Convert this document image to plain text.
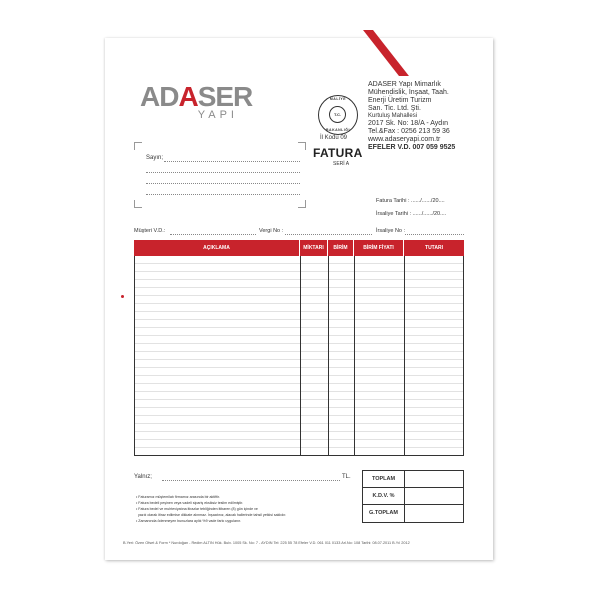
ADASER
YAPI
MALİYE
T.C.
BAKANLIĞI
İl Kodu 09
FATURA
SERİ A
ADASER Yapı Mimarlık
Mühendislik, İnşaat, Taah.
Enerji Üretim Turizm
San. Tic. Ltd. Şti.
Kurtuluş Mahallesi
2017 Sk. No: 18/A - Aydın
Tel.&Fax : 0256 213 59 36
www.adaseryapi.com.tr
EFELER V.D. 007 059 9525
Sayın;
Fatura Tarihi : ....../....../20....
İrsaliye Tarihi : ....../....../20....
Müşteri V.D.:	Vergi No :	İrsaliye No :
AÇIKLAMA	MİKTARI	BİRİM	BİRİM FİYATI	TUTARI
Yalnız;	TL.	TOPLAM
K.D.V. %
G.TOPLAM
• Faturamız müştemilatı firmamız arasında bir aktiftir.
• Fatura bedeli peşinen veya vadeli sipariş eksiksiz teslim edilmiştir.
• Fatura bedel ve muhteviyatına itirazlar tebliğinden itibaren (8) gün içinde ve
yazılı olarak itiraz edilmise dikkate alınmaz. İnşaatınız, alacak hallerinde tahsil yetkisi saklıdır.
• Zamanında ödenmeyen bunuzlara aylık %9 vade farkı uygulanır.
B.Yeri: Özen Ofset & Form * Nurdoğan - Redim ALTIN Hük. Bulv. 1005 Sk. No: 7 - AYDIN Tel: 225 55 78 Efeler V.D. 061 011 0133 Arl.No: 108 Tarihi: 08.07.2011 B.Yıl 2012
